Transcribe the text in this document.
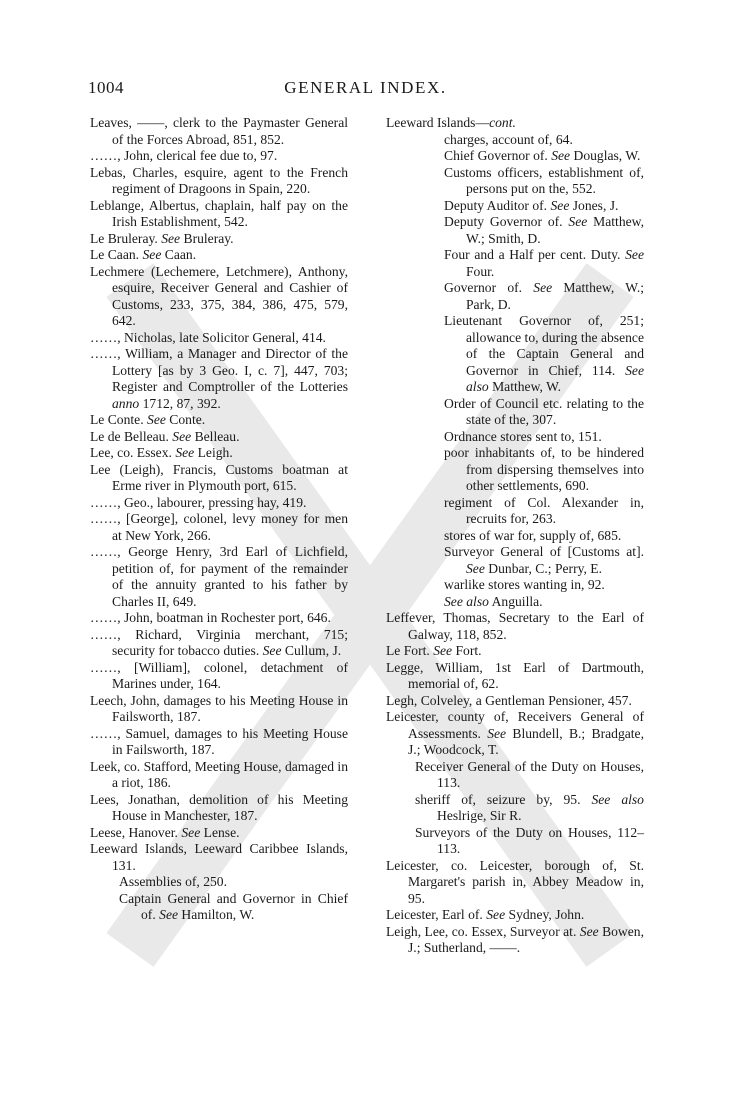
1004	GENERAL INDEX.

Leaves, ——, clerk to the Paymaster General of the Forces Abroad, 851, 852.

……, John, clerical fee due to, 97.

Lebas, Charles, esquire, agent to the French regiment of Dragoons in Spain, 220.

Leblange, Albertus, chaplain, half pay on the Irish Establishment, 542.

Le Bruleray. See Bruleray.

Le Caan. See Caan.

Lechmere (Lechemere, Letchmere), Anthony, esquire, Receiver General and Cashier of Customs, 233, 375, 384, 386, 475, 579, 642.

……, Nicholas, late Solicitor General, 414.

……, William, a Manager and Director of the Lottery [as by 3 Geo. I, c. 7], 447, 703; Register and Comptroller of the Lotteries anno 1712, 87, 392.

Le Conte. See Conte.

Le de Belleau. See Belleau.

Lee, co. Essex. See Leigh.

Lee (Leigh), Francis, Customs boatman at Erme river in Plymouth port, 615.

……, Geo., labourer, pressing hay, 419.

……, [George], colonel, levy money for men at New York, 266.

……, George Henry, 3rd Earl of Lichfield, petition of, for payment of the remainder of the annuity granted to his father by Charles II, 649.

……, John, boatman in Rochester port, 646.

……, Richard, Virginia merchant, 715; security for tobacco duties. See Cullum, J.

……, [William], colonel, detachment of Marines under, 164.

Leech, John, damages to his Meeting House in Failsworth, 187.

……, Samuel, damages to his Meeting House in Failsworth, 187.

Leek, co. Stafford, Meeting House, damaged in a riot, 186.

Lees, Jonathan, demolition of his Meeting House in Manchester, 187.

Leese, Hanover. See Lense.

Leeward Islands, Leeward Caribbee Islands, 131.

Assemblies of, 250.

Captain General and Governor in Chief of. See Hamilton, W.

Leeward Islands—cont.

charges, account of, 64.

Chief Governor of. See Douglas, W.

Customs officers, establishment of, persons put on the, 552.

Deputy Auditor of. See Jones, J.

Deputy Governor of. See Matthew, W.; Smith, D.

Four and a Half per cent. Duty. See Four.

Governor of. See Matthew, W.; Park, D.

Lieutenant Governor of, 251; allowance to, during the absence of the Captain General and Governor in Chief, 114. See also Matthew, W.

Order of Council etc. relating to the state of the, 307.

Ordnance stores sent to, 151.

poor inhabitants of, to be hindered from dispersing themselves into other settlements, 690.

regiment of Col. Alexander in, recruits for, 263.

stores of war for, supply of, 685.

Surveyor General of [Customs at]. See Dunbar, C.; Perry, E.

warlike stores wanting in, 92.

See also Anguilla.

Leffever, Thomas, Secretary to the Earl of Galway, 118, 852.

Le Fort. See Fort.

Legge, William, 1st Earl of Dartmouth, memorial of, 62.

Legh, Colveley, a Gentleman Pensioner, 457.

Leicester, county of, Receivers General of Assessments. See Blundell, B.; Bradgate, J.; Woodcock, T.

Receiver General of the Duty on Houses, 113.

sheriff of, seizure by, 95. See also Heslrige, Sir R.

Surveyors of the Duty on Houses, 112–113.

Leicester, co. Leicester, borough of, St. Margaret's parish in, Abbey Meadow in, 95.

Leicester, Earl of. See Sydney, John.

Leigh, Lee, co. Essex, Surveyor at. See Bowen, J.; Sutherland, ——.
